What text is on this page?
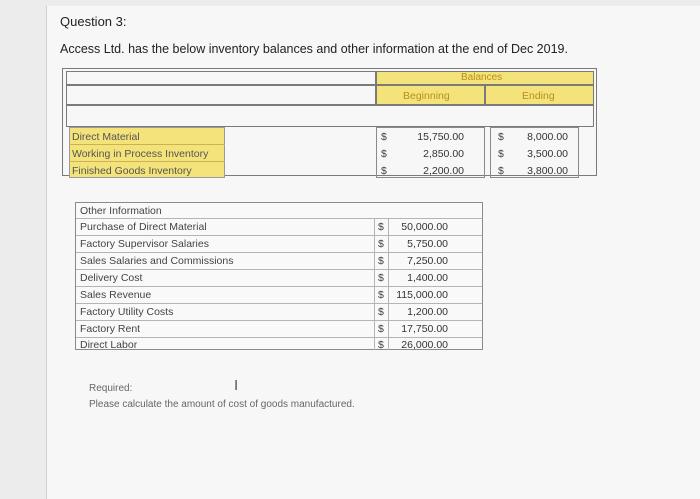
Question 3:
Access Ltd. has the below inventory balances and other information at the end of Dec 2019.
Balances
Beginning	Ending
Direct Material	$	15,750.00	$	8,000.00
Working in Process Inventory	$	2,850.00	$	3,500.00
Finished Goods Inventory	$	2,200.00	$	3,800.00
Other Information
Purchase of Direct Material	$	50,000.00
Factory Supervisor Salaries	$	5,750.00
Sales Salaries and Commissions	$	7,250.00
Delivery Cost	$	1,400.00
Sales Revenue	$	115,000.00
Factory Utility Costs	$	1,200.00
Factory Rent	$	17,750.00
Direct Labor	$	26,000.00
Required:	I
Please calculate the amount of cost of goods manufactured.
